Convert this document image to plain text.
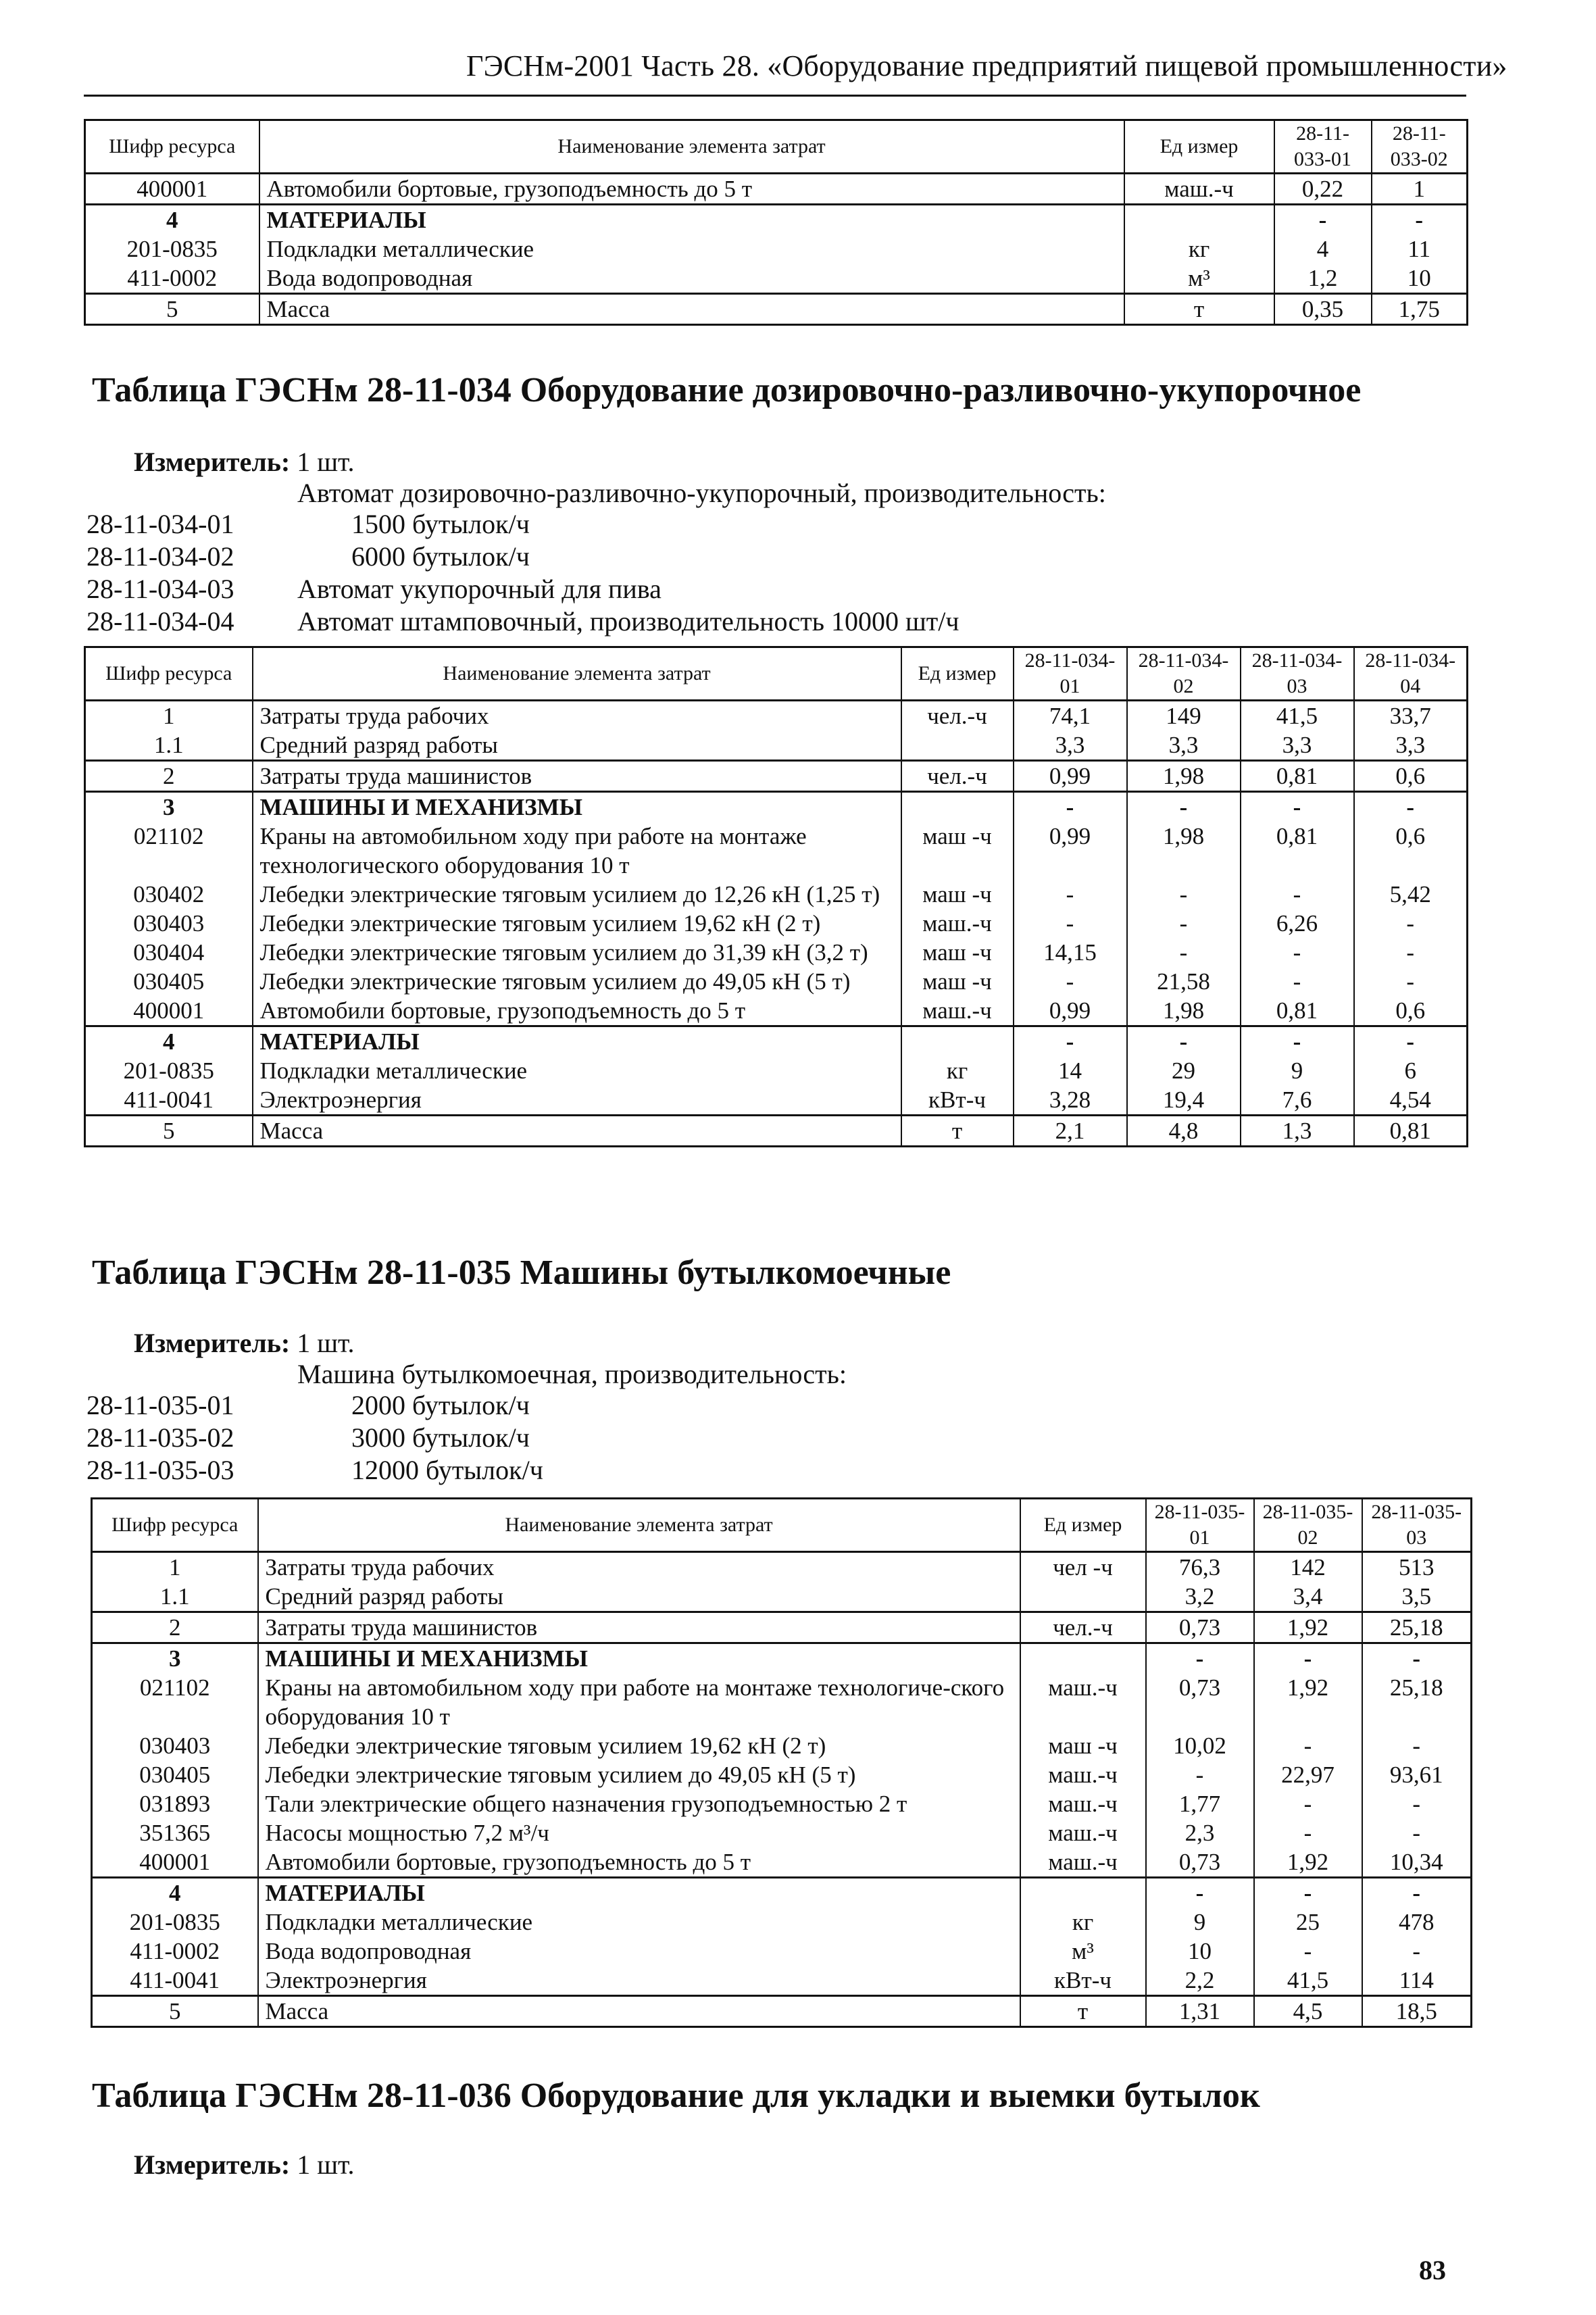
ГЭСНм-2001 Часть 28. «Оборудование предприятий пищевой промышленности»
Шифр ресурса	Наименование элемента затрат	Ед измер	28-11-033-01	28-11-033-02
400001	Автомобили бортовые, грузоподъемность до 5 т	маш.-ч	0,22	1
4	МАТЕРИАЛЫ		-	-
201-0835	Подкладки металлические	кг	4	11
411-0002	Вода водопроводная	м³	1,2	10
5	Масса	т	0,35	1,75
Таблица ГЭСНм 28-11-034 Оборудование дозировочно-разливочно-укупорочное
Измеритель: 1 шт.
Автомат дозировочно-разливочно-укупорочный, производительность:
28-11-034-01	1500 бутылок/ч
28-11-034-02	6000 бутылок/ч
28-11-034-03 Автомат укупорочный для пива
28-11-034-04 Автомат штамповочный, производительность 10000 шт/ч
Шифр ресурса	Наименование элемента затрат	Ед измер	28-11-034-01	28-11-034-02	28-11-034-03	28-11-034-04
1	Затраты труда рабочих	чел.-ч	74,1	149	41,5	33,7
1.1	Средний разряд работы		3,3	3,3	3,3	3,3
2	Затраты труда машинистов	чел.-ч	0,99	1,98	0,81	0,6
3	МАШИНЫ И МЕХАНИЗМЫ		-	-	-	-
021102	Краны на автомобильном ходу при работе на монтаже технологического оборудования 10 т	маш -ч	0,99	1,98	0,81	0,6
030402	Лебедки электрические тяговым усилием до 12,26 кН (1,25 т)	маш -ч	-	-	-	5,42
030403	Лебедки электрические тяговым усилием 19,62 кН (2 т)	маш.-ч	-	-	6,26	-
030404	Лебедки электрические тяговым усилием до 31,39 кН (3,2 т)	маш -ч	14,15	-	-	-
030405	Лебедки электрические тяговым усилием до 49,05 кН (5 т)	маш -ч	-	21,58	-	-
400001	Автомобили бортовые, грузоподъемность до 5 т	маш.-ч	0,99	1,98	0,81	0,6
4	МАТЕРИАЛЫ		-	-	-	-
201-0835	Подкладки металлические	кг	14	29	9	6
411-0041	Электроэнергия	кВт-ч	3,28	19,4	7,6	4,54
5	Масса	т	2,1	4,8	1,3	0,81
Таблица ГЭСНм 28-11-035 Машины бутылкомоечные
Измеритель: 1 шт.
Машина бутылкомоечная, производительность:
28-11-035-01	2000 бутылок/ч
28-11-035-02	3000 бутылок/ч
28-11-035-03	12000 бутылок/ч
Шифр ресурса	Наименование элемента затрат	Ед измер	28-11-035-01	28-11-035-02	28-11-035-03
1	Затраты труда рабочих	чел -ч	76,3	142	513
1.1	Средний разряд работы		3,2	3,4	3,5
2	Затраты труда машинистов	чел.-ч	0,73	1,92	25,18
3	МАШИНЫ И МЕХАНИЗМЫ		-	-	-
021102	Краны на автомобильном ходу при работе на монтаже технологиче-ского оборудования 10 т	маш.-ч	0,73	1,92	25,18
030403	Лебедки электрические тяговым усилием 19,62 кН (2 т)	маш -ч	10,02	-	-
030405	Лебедки электрические тяговым усилием до 49,05 кН (5 т)	маш.-ч	-	22,97	93,61
031893	Тали электрические общего назначения грузоподъемностью 2 т	маш.-ч	1,77	-	-
351365	Насосы мощностью 7,2 м³/ч	маш.-ч	2,3	-	-
400001	Автомобили бортовые, грузоподъемность до 5 т	маш.-ч	0,73	1,92	10,34
4	МАТЕРИАЛЫ		-	-	-
201-0835	Подкладки металлические	кг	9	25	478
411-0002	Вода водопроводная	м³	10	-	-
411-0041	Электроэнергия	кВт-ч	2,2	41,5	114
5	Масса	т	1,31	4,5	18,5
Таблица ГЭСНм 28-11-036 Оборудование для укладки и выемки бутылок
Измеритель: 1 шт.
83
